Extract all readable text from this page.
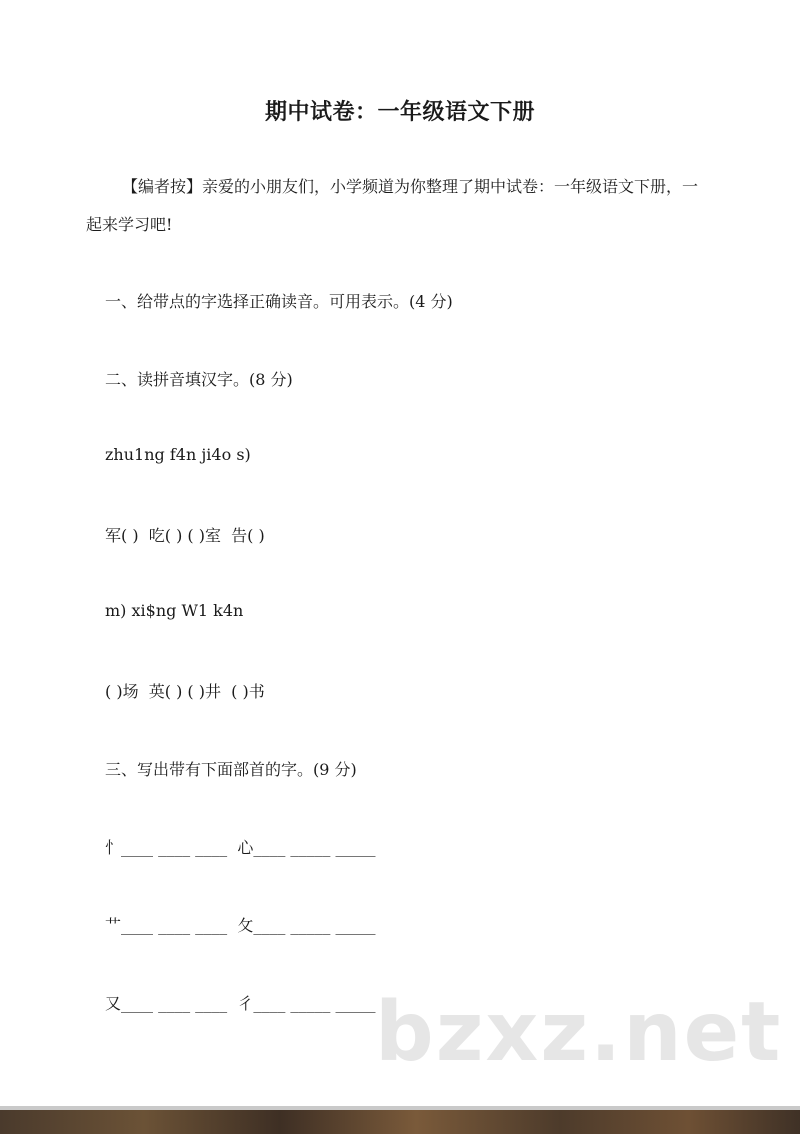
期中试卷：一年级语文下册
【编者按】亲爱的小朋友们，小学频道为你整理了期中试卷：一年级语文下册，一起来学习吧!
一、给带点的字选择正确读音。可用表示。(4 分)
二、读拼音填汉字。(8 分)
zhu1ng f4n ji4o s)
军( )  吃( ) ( )室  告( )
m) xi$ng W1 k4n
( )场  英( ) ( )井  ( )书
三、写出带有下面部首的字。(9 分)
忄____ ____ ____  心____ _____ _____
艹____ ____ ____  攵____ _____ _____
又____ ____ ____  彳____ _____ _____ bzxz.net
